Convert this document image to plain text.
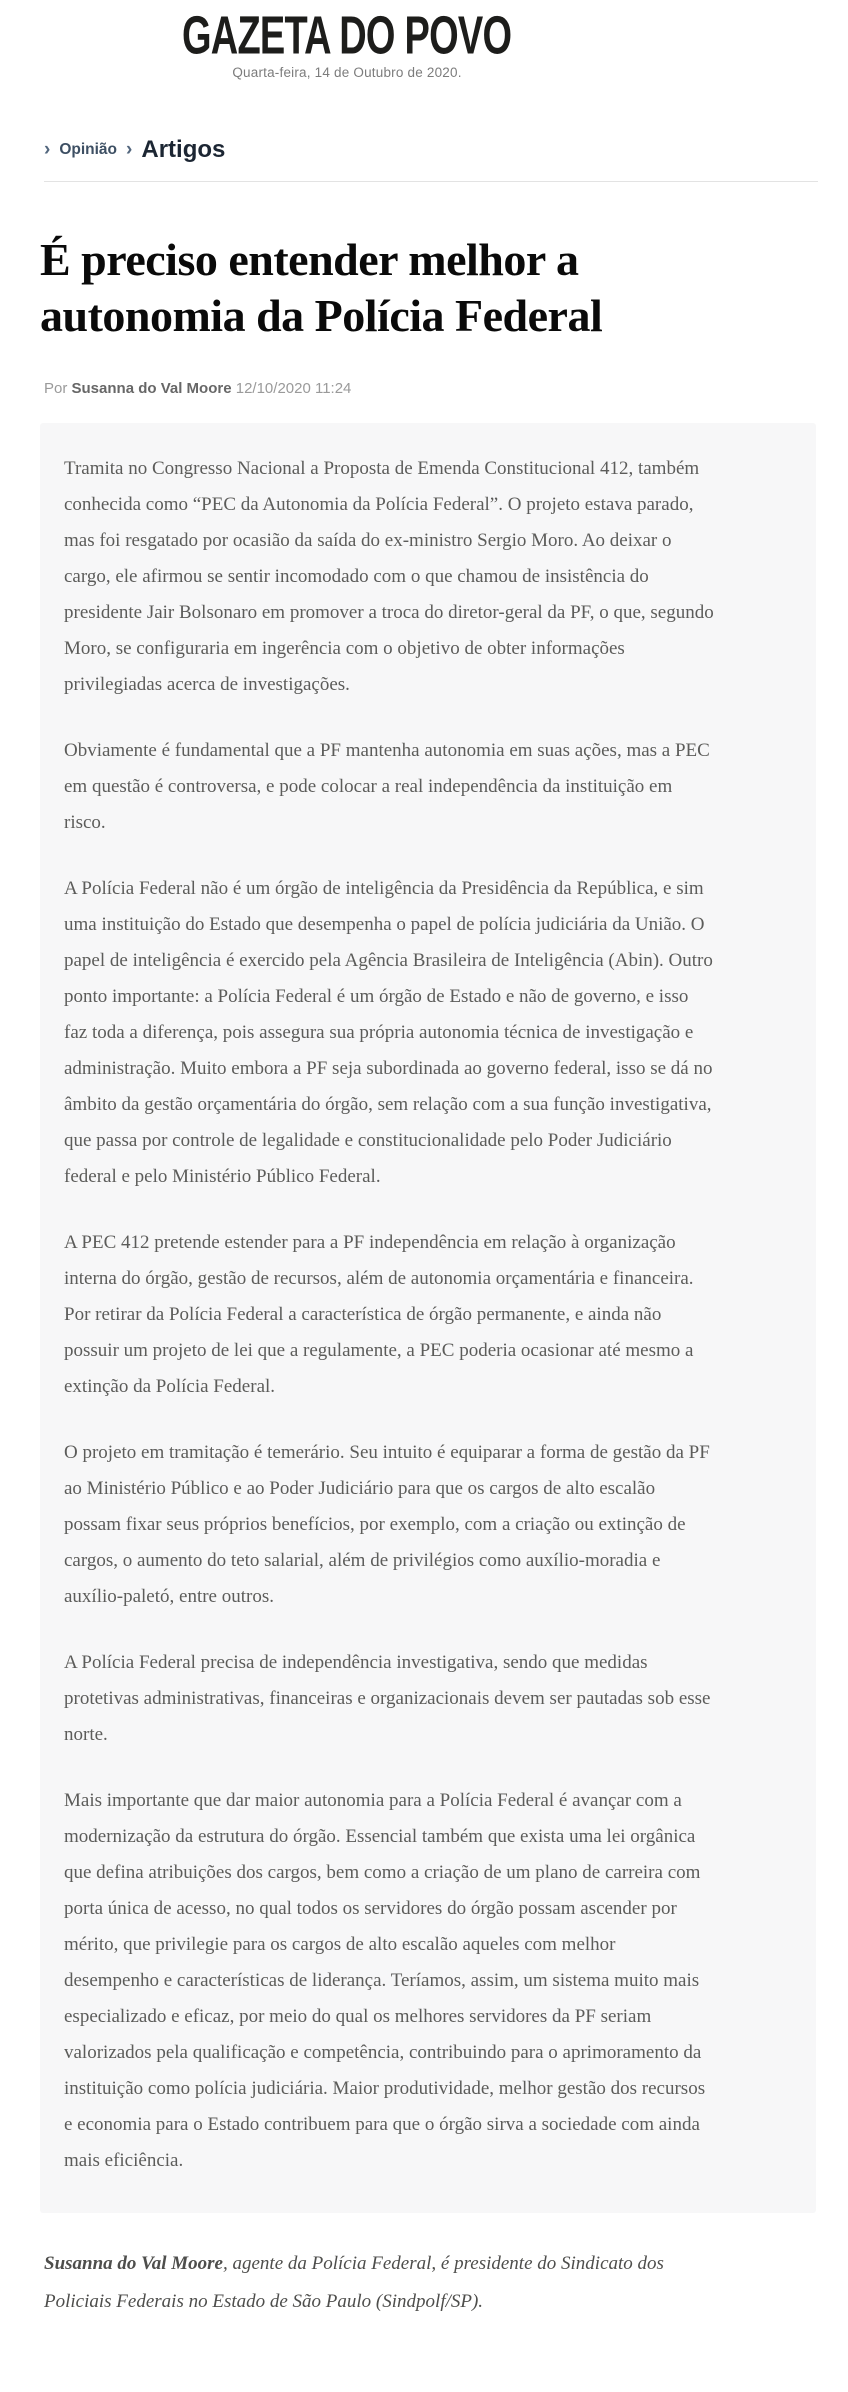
GAZETA DO POVO
Quarta-feira, 14 de Outubro de 2020.
› Opinião › Artigos
É preciso entender melhor a autonomia da Polícia Federal
Por Susanna do Val Moore 12/10/2020 11:24

Tramita no Congresso Nacional a Proposta de Emenda Constitucional 412, também conhecida como “PEC da Autonomia da Polícia Federal”. O projeto estava parado, mas foi resgatado por ocasião da saída do ex-ministro Sergio Moro. Ao deixar o cargo, ele afirmou se sentir incomodado com o que chamou de insistência do presidente Jair Bolsonaro em promover a troca do diretor-geral da PF, o que, segundo Moro, se configuraria em ingerência com o objetivo de obter informações privilegiadas acerca de investigações.

Obviamente é fundamental que a PF mantenha autonomia em suas ações, mas a PEC em questão é controversa, e pode colocar a real independência da instituição em risco.

A Polícia Federal não é um órgão de inteligência da Presidência da República, e sim uma instituição do Estado que desempenha o papel de polícia judiciária da União. O papel de inteligência é exercido pela Agência Brasileira de Inteligência (Abin). Outro ponto importante: a Polícia Federal é um órgão de Estado e não de governo, e isso faz toda a diferença, pois assegura sua própria autonomia técnica de investigação e administração. Muito embora a PF seja subordinada ao governo federal, isso se dá no âmbito da gestão orçamentária do órgão, sem relação com a sua função investigativa, que passa por controle de legalidade e constitucionalidade pelo Poder Judiciário federal e pelo Ministério Público Federal.

A PEC 412 pretende estender para a PF independência em relação à organização interna do órgão, gestão de recursos, além de autonomia orçamentária e financeira. Por retirar da Polícia Federal a característica de órgão permanente, e ainda não possuir um projeto de lei que a regulamente, a PEC poderia ocasionar até mesmo a extinção da Polícia Federal.

O projeto em tramitação é temerário. Seu intuito é equiparar a forma de gestão da PF ao Ministério Público e ao Poder Judiciário para que os cargos de alto escalão possam fixar seus próprios benefícios, por exemplo, com a criação ou extinção de cargos, o aumento do teto salarial, além de privilégios como auxílio-moradia e auxílio-paletó, entre outros.

A Polícia Federal precisa de independência investigativa, sendo que medidas protetivas administrativas, financeiras e organizacionais devem ser pautadas sob esse norte.

Mais importante que dar maior autonomia para a Polícia Federal é avançar com a modernização da estrutura do órgão. Essencial também que exista uma lei orgânica que defina atribuições dos cargos, bem como a criação de um plano de carreira com porta única de acesso, no qual todos os servidores do órgão possam ascender por mérito, que privilegie para os cargos de alto escalão aqueles com melhor desempenho e características de liderança. Teríamos, assim, um sistema muito mais especializado e eficaz, por meio do qual os melhores servidores da PF seriam valorizados pela qualificação e competência, contribuindo para o aprimoramento da instituição como polícia judiciária. Maior produtividade, melhor gestão dos recursos e economia para o Estado contribuem para que o órgão sirva a sociedade com ainda mais eficiência.

Susanna do Val Moore, agente da Polícia Federal, é presidente do Sindicato dos Policiais Federais no Estado de São Paulo (Sindpolf/SP).
